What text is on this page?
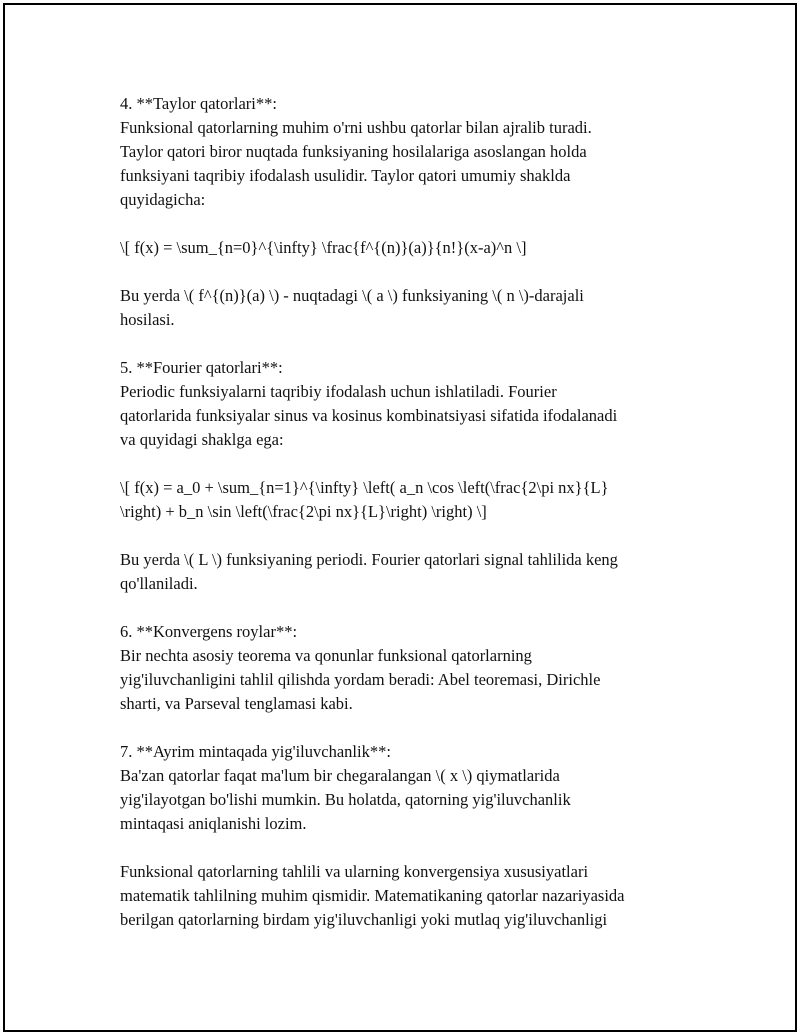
4. **Taylor qatorlari**:
Funksional qatorlarning muhim o'rni ushbu qatorlar bilan ajralib turadi.
Taylor qatori biror nuqtada funksiyaning hosilalariga asoslangan holda
funksiyani taqribiy ifodalash usulidir. Taylor qatori umumiy shaklda
quyidagicha:
\[ f(x) = \sum_{n=0}^{\infty} \frac{f^{(n)}(a)}{n!}(x-a)^n \]
Bu yerda \( f^{(n)}(a) \) - nuqtadagi \( a \) funksiyaning \( n \)-darajali
hosilasi.
5. **Fourier qatorlari**:
Periodic funksiyalarni taqribiy ifodalash uchun ishlatiladi. Fourier
qatorlarida funksiyalar sinus va kosinus kombinatsiyasi sifatida ifodalanadi
va quyidagi shaklga ega:
\[ f(x) = a_0 + \sum_{n=1}^{\infty} \left( a_n \cos \left(\frac{2\pi nx}{L}
\right) + b_n \sin \left(\frac{2\pi nx}{L}\right) \right) \]
Bu yerda \( L \) funksiyaning periodi. Fourier qatorlari signal tahlilida keng
qo'llaniladi.
6. **Konvergens roylar**:
Bir nechta asosiy teorema va qonunlar funksional qatorlarning
yig'iluvchanligini tahlil qilishda yordam beradi: Abel teoremasi, Dirichle
sharti, va Parseval tenglamasi kabi.
7. **Ayrim mintaqada yig'iluvchanlik**:
Ba'zan qatorlar faqat ma'lum bir chegaralangan \( x \) qiymatlarida
yig'ilayotgan bo'lishi mumkin. Bu holatda, qatorning yig'iluvchanlik
mintaqasi aniqlanishi lozim.
Funksional qatorlarning tahlili va ularning konvergensiya xususiyatlari
matematik tahlilning muhim qismidir. Matematikaning qatorlar nazariyasida
berilgan qatorlarning birdam yig'iluvchanligi yoki mutlaq yig'iluvchanligi
